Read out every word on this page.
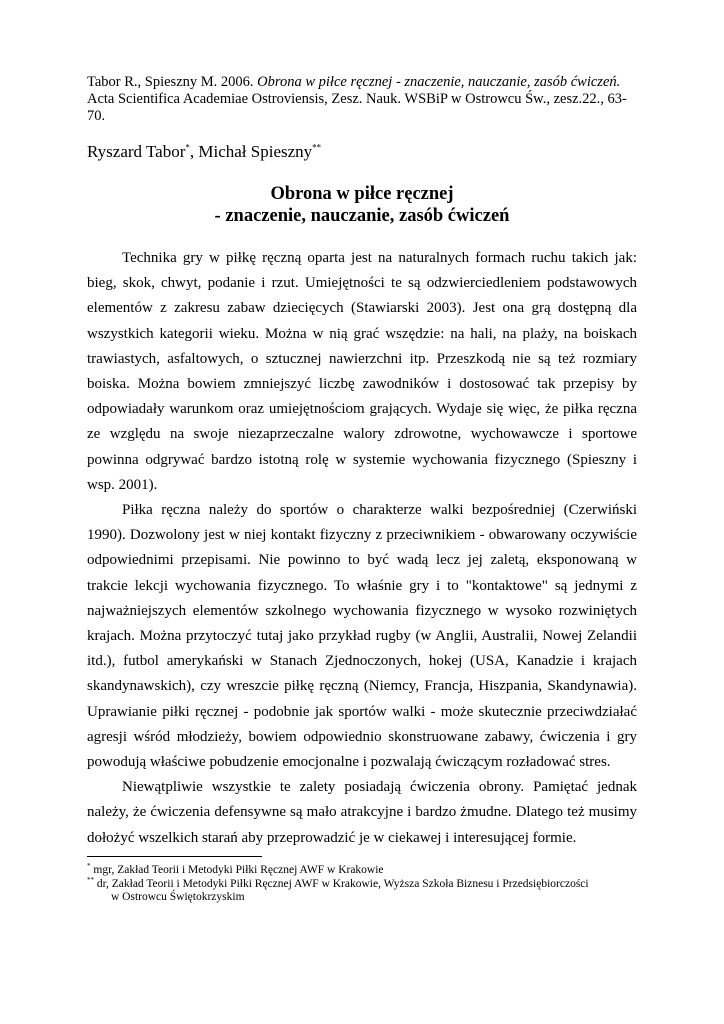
Tabor R., Spieszny M. 2006. Obrona w piłce ręcznej - znaczenie, nauczanie, zasób ćwiczeń. Acta Scientifica Academiae Ostroviensis, Zesz. Nauk. WSBiP w Ostrowcu Św., zesz.22., 63-70.

Ryszard Tabor*, Michał Spieszny**
Obrona w piłce ręcznej
- znaczenie, nauczanie, zasób ćwiczeń

Technika gry w piłkę ręczną oparta jest na naturalnych formach ruchu takich jak: bieg, skok, chwyt, podanie i rzut. Umiejętności te są odzwierciedleniem podstawowych elementów z zakresu zabaw dziecięcych (Stawiarski 2003). Jest ona grą dostępną dla wszystkich kategorii wieku. Można w nią grać wszędzie: na hali, na plaży, na boiskach trawiastych, asfaltowych, o sztucznej nawierzchni itp. Przeszkodą nie są też rozmiary boiska. Można bowiem zmniejszyć liczbę zawodników i dostosować tak przepisy by odpowiadały warunkom oraz umiejętnościom grających. Wydaje się więc, że piłka ręczna ze względu na swoje niezaprzeczalne walory zdrowotne, wychowawcze i sportowe powinna odgrywać bardzo istotną rolę w systemie wychowania fizycznego (Spieszny i wsp. 2001).

Piłka ręczna należy do sportów o charakterze walki bezpośredniej (Czerwiński 1990). Dozwolony jest w niej kontakt fizyczny z przeciwnikiem - obwarowany oczywiście odpowiednimi przepisami. Nie powinno to być wadą lecz jej zaletą, eksponowaną w trakcie lekcji wychowania fizycznego. To właśnie gry i to "kontaktowe" są jednymi z najważniejszych elementów szkolnego wychowania fizycznego w wysoko rozwiniętych krajach. Można przytoczyć tutaj jako przykład rugby (w Anglii, Australii, Nowej Zelandii itd.), futbol amerykański w Stanach Zjednoczonych, hokej (USA, Kanadzie i krajach skandynawskich), czy wreszcie piłkę ręczną (Niemcy, Francja, Hiszpania, Skandynawia). Uprawianie piłki ręcznej - podobnie jak sportów walki - może skutecznie przeciwdziałać agresji wśród młodzieży, bowiem odpowiednio skonstruowane zabawy, ćwiczenia i gry powodują właściwe pobudzenie emocjonalne i pozwalają ćwiczącym rozładować stres.

Niewątpliwie wszystkie te zalety posiadają ćwiczenia obrony. Pamiętać jednak należy, że ćwiczenia defensywne są mało atrakcyjne i bardzo żmudne. Dlatego też musimy dołożyć wszelkich starań aby przeprowadzić je w ciekawej i interesującej formie.

* mgr, Zakład Teorii i Metodyki Piłki Ręcznej AWF w Krakowie

** dr, Zakład Teorii i Metodyki Piłki Ręcznej AWF w Krakowie, Wyższa Szkoła Biznesu i Przedsiębiorczości

w Ostrowcu Świętokrzyskim
